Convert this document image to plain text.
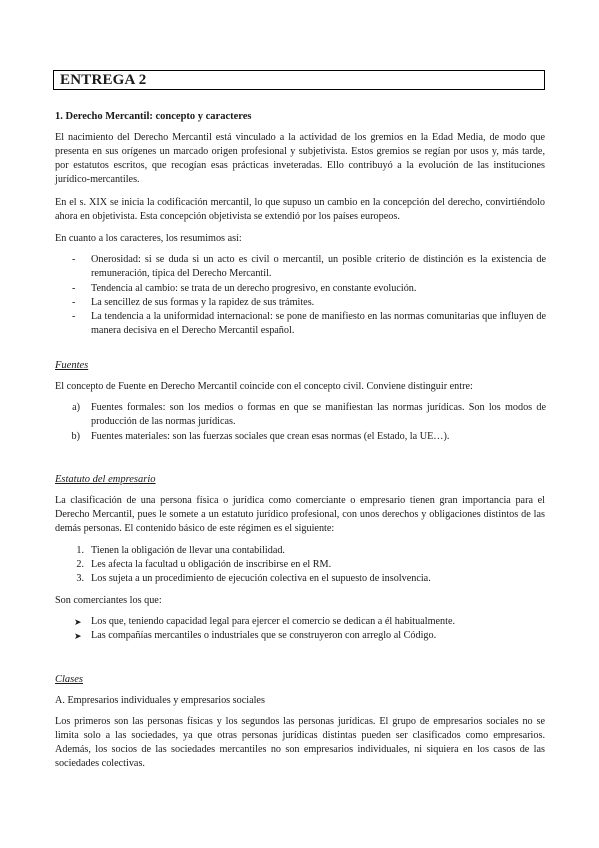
ENTREGA 2
1. Derecho Mercantil: concepto y caracteres
El nacimiento del Derecho Mercantil está vinculado a la actividad de los gremios en la Edad Media, de modo que presenta en sus orígenes un marcado origen profesional y subjetivista. Estos gremios se regían por usos y, más tarde, por estatutos escritos, que recogían esas prácticas inveteradas. Ello contribuyó a la evolución de las instituciones jurídico-mercantiles.
En el s. XIX se inicia la codificación mercantil, lo que supuso un cambio en la concepción del derecho, convirtiéndolo ahora en objetivista. Esta concepción objetivista se extendió por los países europeos.
En cuanto a los caracteres, los resumimos así:
- Onerosidad: si se duda si un acto es civil o mercantil, un posible criterio de distinción es la existencia de remuneración, típica del Derecho Mercantil.
- Tendencia al cambio: se trata de un derecho progresivo, en constante evolución.
- La sencillez de sus formas y la rapidez de sus trámites.
- La tendencia a la uniformidad internacional: se pone de manifiesto en las normas comunitarias que influyen de manera decisiva en el Derecho Mercantil español.
Fuentes
El concepto de Fuente en Derecho Mercantil coincide con el concepto civil. Conviene distinguir entre:
a) Fuentes formales: son los medios o formas en que se manifiestan las normas jurídicas. Son los modos de producción de las normas jurídicas.
b) Fuentes materiales: son las fuerzas sociales que crean esas normas (el Estado, la UE…).
Estatuto del empresario
La clasificación de una persona física o jurídica como comerciante o empresario tienen gran importancia para el Derecho Mercantil, pues le somete a un estatuto jurídico profesional, con unos derechos y obligaciones distintos de las demás personas. El contenido básico de este régimen es el siguiente:
1. Tienen la obligación de llevar una contabilidad.
2. Les afecta la facultad u obligación de inscribirse en el RM.
3. Los sujeta a un procedimiento de ejecución colectiva en el supuesto de insolvencia.
Son comerciantes los que:
➤ Los que, teniendo capacidad legal para ejercer el comercio se dedican a él habitualmente.
➤ Las compañías mercantiles o industriales que se construyeron con arreglo al Código.
Clases
A. Empresarios individuales y empresarios sociales
Los primeros son las personas físicas y los segundos las personas jurídicas. El grupo de empresarios sociales no se limita solo a las sociedades, ya que otras personas jurídicas distintas pueden ser clasificados como empresarios. Además, los socios de las sociedades mercantiles no son empresarios individuales, ni siquiera en los casos de las sociedades colectivas.
